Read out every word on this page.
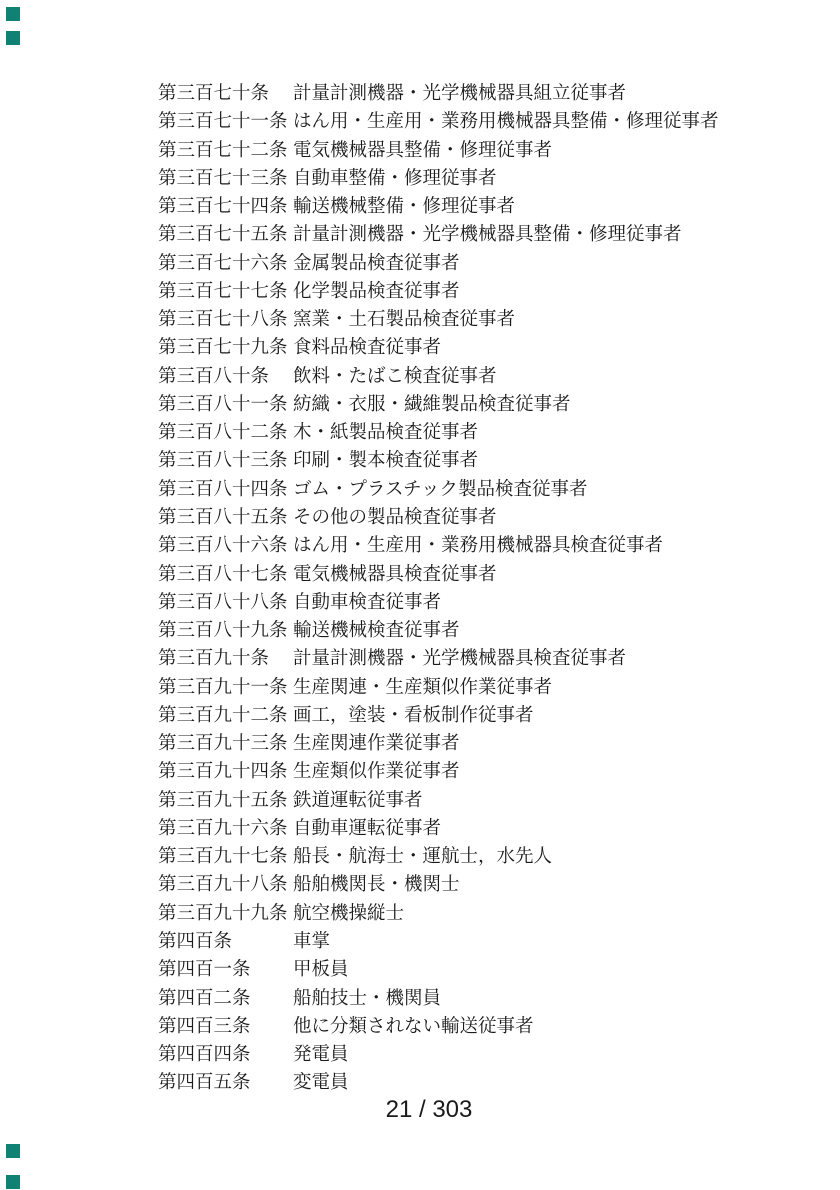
第三百七十条	計量計測機器・光学機械器具組立従事者
第三百七十一条 はん用・生産用・業務用機械器具整備・修理従事者
第三百七十二条 電気機械器具整備・修理従事者
第三百七十三条 自動車整備・修理従事者
第三百七十四条 輸送機械整備・修理従事者
第三百七十五条 計量計測機器・光学機械器具整備・修理従事者
第三百七十六条 金属製品検査従事者
第三百七十七条 化学製品検査従事者
第三百七十八条 窯業・土石製品検査従事者
第三百七十九条 食料品検査従事者
第三百八十条	飲料・たばこ検査従事者
第三百八十一条 紡織・衣服・繊維製品検査従事者
第三百八十二条 木・紙製品検査従事者
第三百八十三条 印刷・製本検査従事者
第三百八十四条 ゴム・プラスチック製品検査従事者
第三百八十五条 その他の製品検査従事者
第三百八十六条 はん用・生産用・業務用機械器具検査従事者
第三百八十七条 電気機械器具検査従事者
第三百八十八条 自動車検査従事者
第三百八十九条 輸送機械検査従事者
第三百九十条	計量計測機器・光学機械器具検査従事者
第三百九十一条 生産関連・生産類似作業従事者
第三百九十二条 画工，塗装・看板制作従事者
第三百九十三条 生産関連作業従事者
第三百九十四条 生産類似作業従事者
第三百九十五条 鉄道運転従事者
第三百九十六条 自動車運転従事者
第三百九十七条 船長・航海士・運航士，水先人
第三百九十八条 船舶機関長・機関士
第三百九十九条 航空機操縦士
第四百条	車掌
第四百一条	甲板員
第四百二条	船舶技士・機関員
第四百三条	他に分類されない輸送従事者
第四百四条	発電員
第四百五条	変電員
21 / 303
